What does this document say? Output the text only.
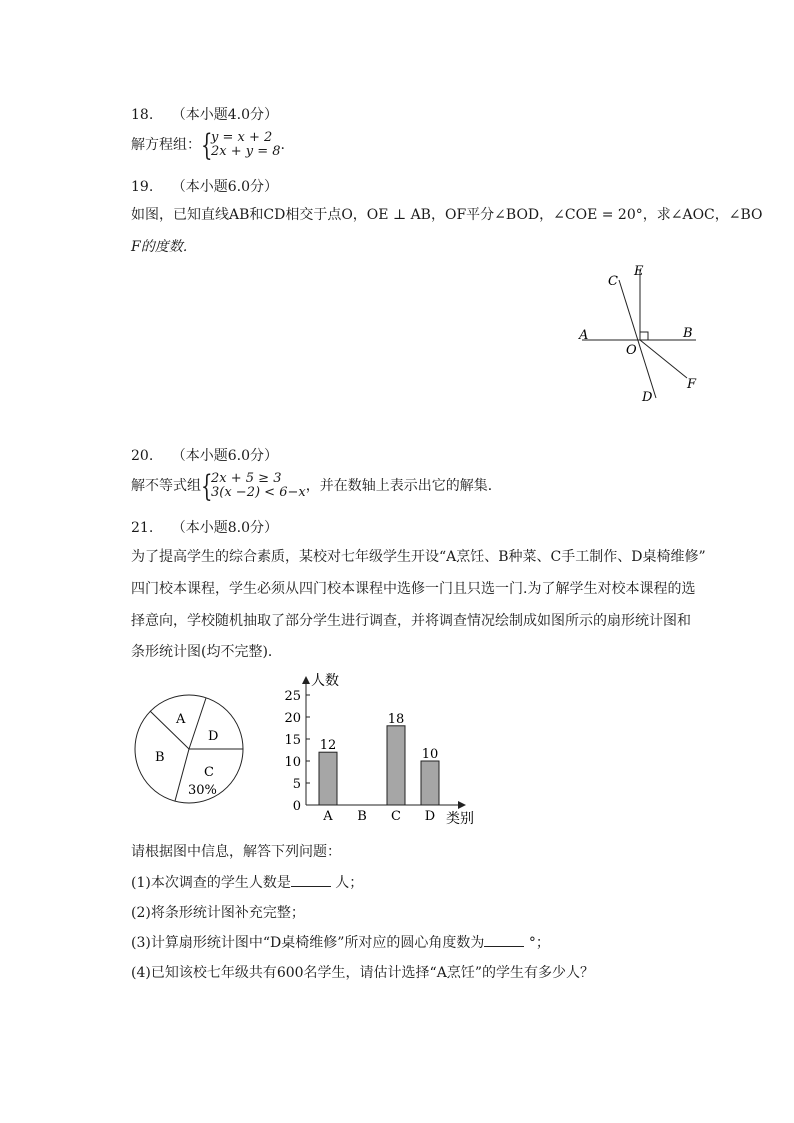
18. （本小题4.0分）
解方程组： {
y = x + 2
2x + y = 8 .
19. （本小题6.0分）
如图，已知直线AB和CD相交于点O，OE ⊥ AB，OF平分∠BOD，∠COE = 20°，求∠AOC，∠BO
F的度数．
A	B
C
E
O
F
D
20. （本小题6.0分）
解不等式组 {
2x + 5 ≥ 3
3(x −2) < 6−x ，并在数轴上表示出它的解集．
21. （本小题8.0分）
为了提高学生的综合素质，某校对七年级学生开设“A烹饪、B种菜、C手工制作、D桌椅维修”
四门校本课程，学生必须从四门校本课程中选修一门且只选一门.为了解学生对校本课程的选
择意向，学校随机抽取了部分学生进行调查，并将调查情况绘制成如图所示的扇形统计图和
条形统计图(均不完整)．
A
D
B
C
30%
0
5
10
15
20
25
12
A B
18
C
10
D
人数
类别
请根据图中信息，解答下列问题：
(1)本次调查的学生人数是	人；
(2)将条形统计图补充完整；
(3)计算扇形统计图中“D桌椅维修”所对应的圆心角度数为	°；
(4)已知该校七年级共有600名学生，请估计选择“A烹饪”的学生有多少人？
